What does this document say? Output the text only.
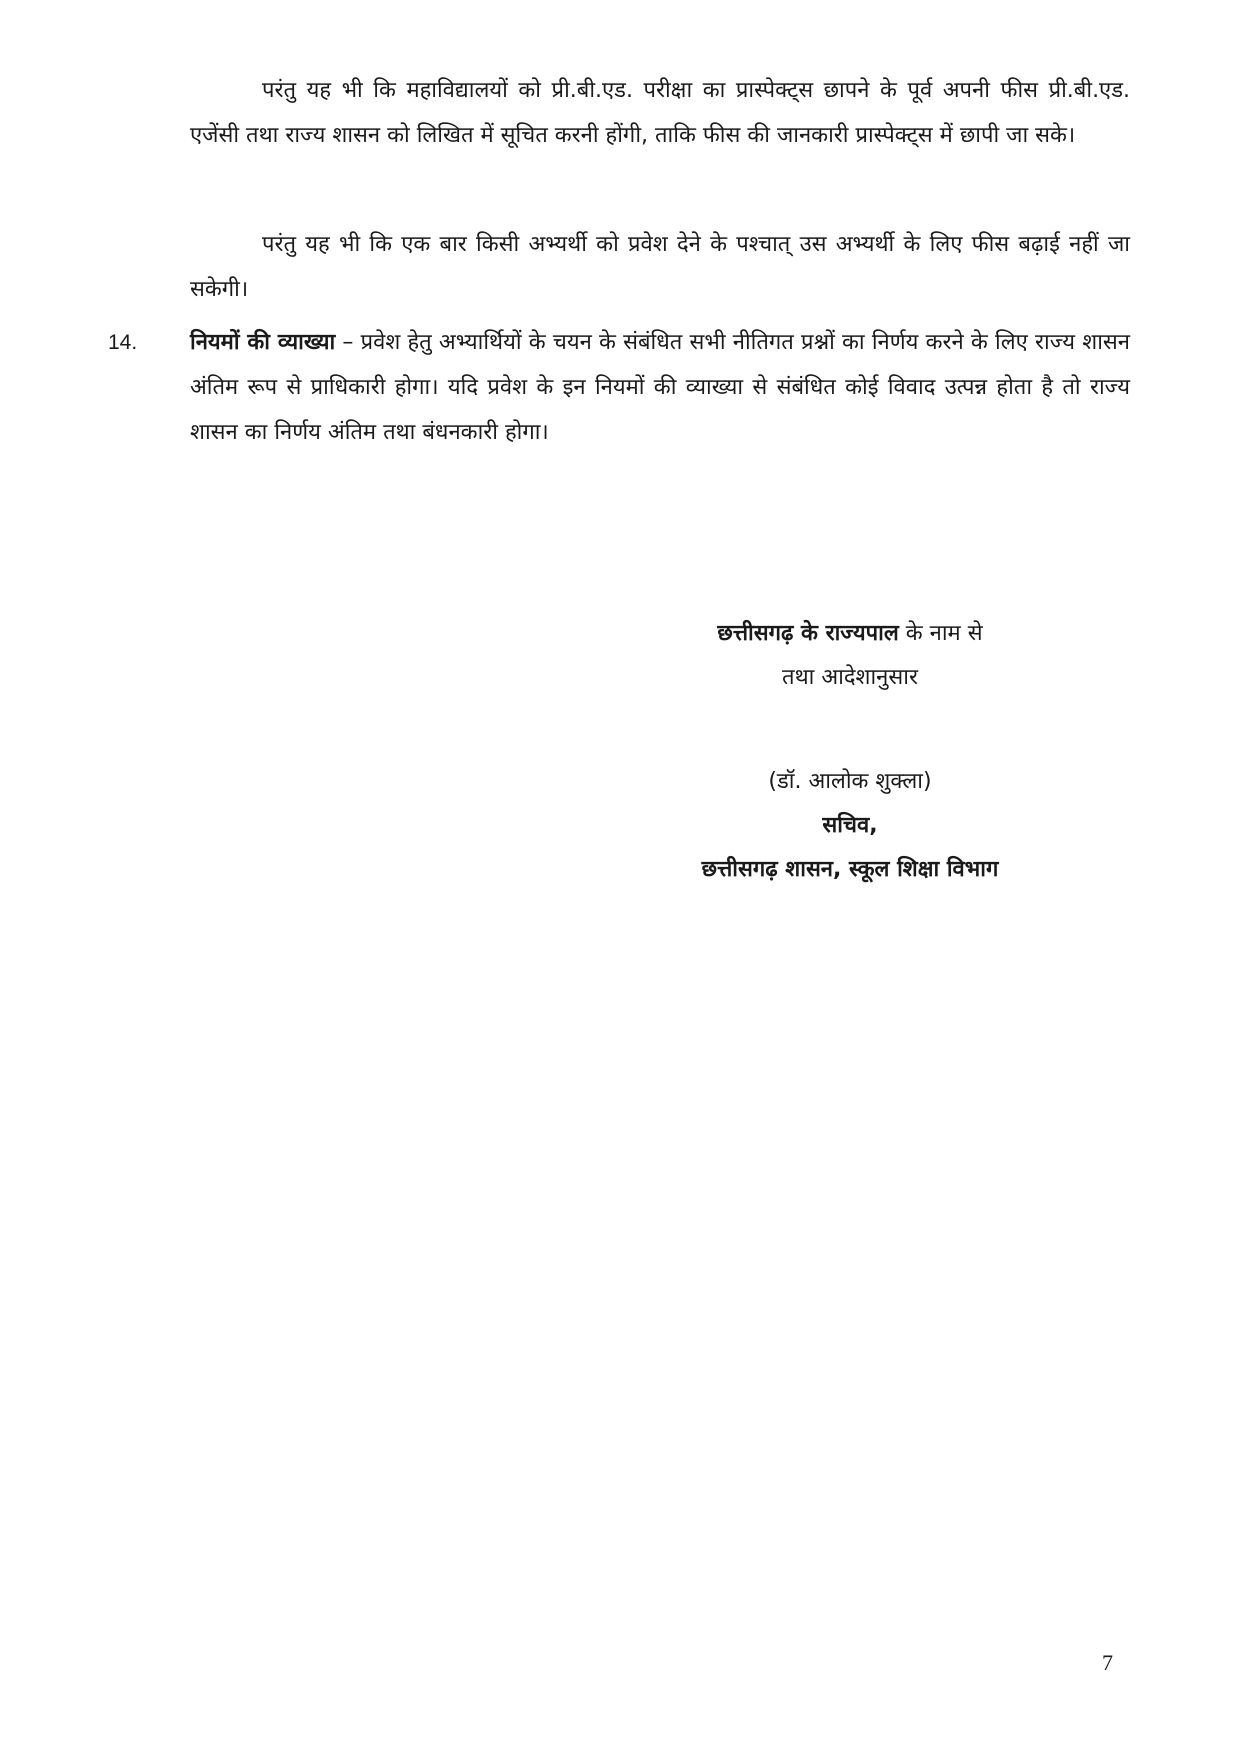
परंतु यह भी कि महाविद्यालयों को प्री.बी.एड. परीक्षा का प्रास्पेक्ट्स छापने के पूर्व अपनी फीस प्री.बी.एड. एजेंसी तथा राज्य शासन को लिखित में सूचित करनी होंगी, ताकि फीस की जानकारी प्रास्पेक्ट्स में छापी जा सके।

परंतु यह भी कि एक बार किसी अभ्यर्थी को प्रवेश देने के पश्चात् उस अभ्यर्थी के लिए फीस बढ़ाई नहीं जा सकेगी।

14. नियमों की व्याख्या – प्रवेश हेतु अभ्यार्थियों के चयन के संबंधित सभी नीतिगत प्रश्नों का निर्णय करने के लिए राज्य शासन अंतिम रूप से प्राधिकारी होगा। यदि प्रवेश के इन नियमों की व्याख्या से संबंधित कोई विवाद उत्पन्न होता है तो राज्य शासन का निर्णय अंतिम तथा बंधनकारी होगा।

छत्तीसगढ़ के राज्यपाल के नाम से
तथा आदेशानुसार
(डॉ. आलोक शुक्ला)
सचिव,
छत्तीसगढ़ शासन, स्कूल शिक्षा विभाग

7
